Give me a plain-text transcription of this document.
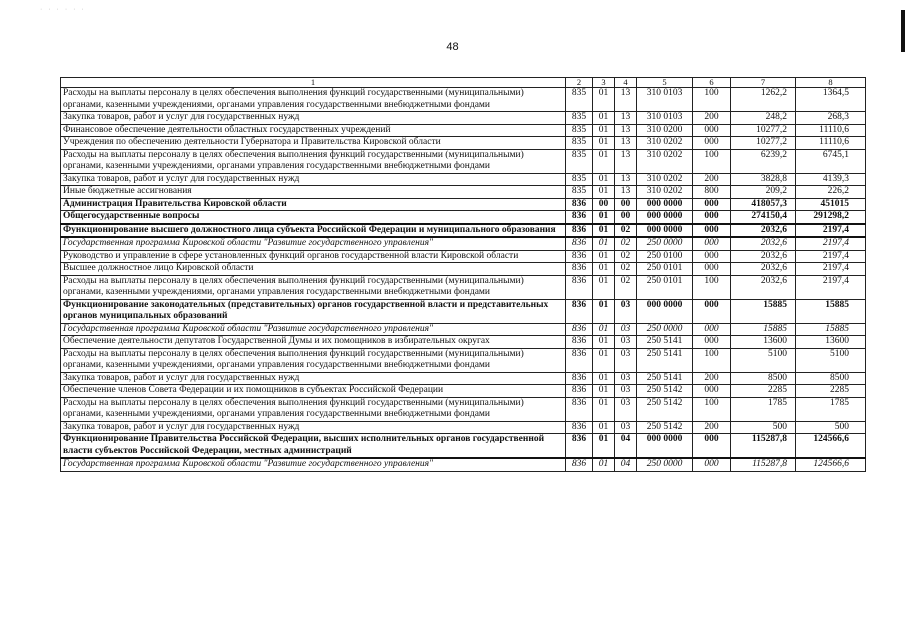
· · · · · ·
48
1	2	3	4	5	6	7	8
Расходы на выплаты персоналу в целях обеспечения выполнения функций государственными (муниципальными) органами, казенными учреждениями, органами управления государственными внебюджетными фондами	835	01	13	310 0103	100	1262,2	1364,5
Закупка товаров, работ и услуг для государственных нужд	835	01	13	310 0103	200	248,2	268,3
Финансовое обеспечение деятельности областных государственных учреждений	835	01	13	310 0200	000	10277,2	11110,6
Учреждения по обеспечению деятельности Губернатора и Правительства Кировской области	835	01	13	310 0202	000	10277,2	11110,6
Расходы на выплаты персоналу в целях обеспечения выполнения функций государственными (муниципальными) органами, казенными учреждениями, органами управления государственными внебюджетными фондами	835	01	13	310 0202	100	6239,2	6745,1
Закупка товаров, работ и услуг для государственных нужд	835	01	13	310 0202	200	3828,8	4139,3
Иные бюджетные ассигнования	835	01	13	310 0202	800	209,2	226,2
Администрация Правительства Кировской области	836	00	00	000 0000	000	418057,3	451015
Общегосударственные вопросы	836	01	00	000 0000	000	274150,4	291298,2
Функционирование высшего должностного лица субъекта Российской Федерации и муниципального образования	836	01	02	000 0000	000	2032,6	2197,4
Государственная программа Кировской области "Развитие государственного управления"	836	01	02	250 0000	000	2032,6	2197,4
Руководство и управление в сфере установленных функций органов государственной власти Кировской области	836	01	02	250 0100	000	2032,6	2197,4
Высшее должностное лицо Кировской области	836	01	02	250 0101	000	2032,6	2197,4
Расходы на выплаты персоналу в целях обеспечения выполнения функций государственными (муниципальными) органами, казенными учреждениями, органами управления государственными внебюджетными фондами	836	01	02	250 0101	100	2032,6	2197,4
Функционирование законодательных (представительных) органов государственной власти и представительных органов муниципальных образований	836	01	03	000 0000	000	15885	15885
Государственная программа Кировской области "Развитие государственного управления"	836	01	03	250 0000	000	15885	15885
Обеспечение деятельности депутатов Государственной Думы и их помощников в избирательных округах	836	01	03	250 5141	000	13600	13600
Расходы на выплаты персоналу в целях обеспечения выполнения функций государственными (муниципальными) органами, казенными учреждениями, органами управления государственными внебюджетными фондами	836	01	03	250 5141	100	5100	5100
Закупка товаров, работ и услуг для государственных нужд	836	01	03	250 5141	200	8500	8500
Обеспечение членов Совета Федерации и их помощников в субъектах Российской Федерации	836	01	03	250 5142	000	2285	2285
Расходы на выплаты персоналу в целях обеспечения выполнения функций государственными (муниципальными) органами, казенными учреждениями, органами управления государственными внебюджетными фондами	836	01	03	250 5142	100	1785	1785
Закупка товаров, работ и услуг для государственных нужд	836	01	03	250 5142	200	500	500
Функционирование Правительства Российской Федерации, высших исполнительных органов государственной власти субъектов Российской Федерации, местных администраций	836	01	04	000 0000	000	115287,8	124566,6
Государственная программа Кировской области "Развитие государственного управления"	836	01	04	250 0000	000	115287,8	124566,6
